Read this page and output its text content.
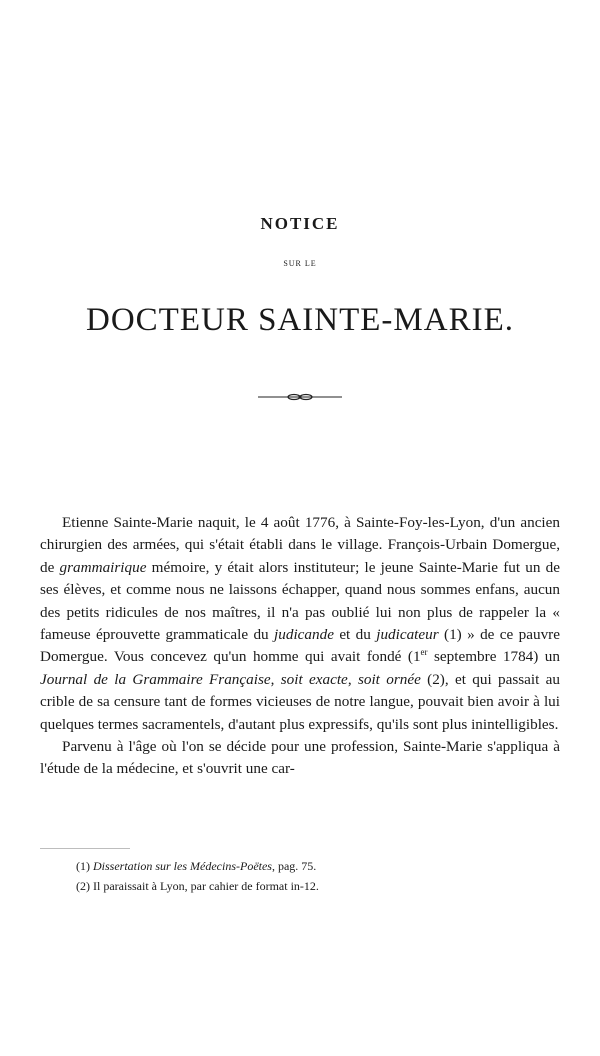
NOTICE
SUR LE
DOCTEUR SAINTE-MARIE.

Etienne Sainte-Marie naquit, le 4 août 1776, à Sainte-Foy-les-Lyon, d'un ancien chirurgien des armées, qui s'était établi dans le village. François-Urbain Domergue, de grammairique mémoire, y était alors instituteur; le jeune Sainte-Marie fut un de ses élèves, et comme nous ne laissons échapper, quand nous sommes enfans, aucun des petits ridicules de nos maîtres, il n'a pas oublié lui non plus de rappeler la « fameuse éprouvette grammaticale du judicande et du judicateur (1) » de ce pauvre Domergue. Vous concevez qu'un homme qui avait fondé (1er septembre 1784) un Journal de la Grammaire Française, soit exacte, soit ornée (2), et qui passait au crible de sa censure tant de formes vicieuses de notre langue, pouvait bien avoir à lui quelques termes sacramentels, d'autant plus expressifs, qu'ils sont plus inintelligibles.

Parvenu à l'âge où l'on se décide pour une profession, Sainte-Marie s'appliqua à l'étude de la médecine, et s'ouvrit une car-

(1) Dissertation sur les Médecins-Poëtes, pag. 75.
(2) Il paraissait à Lyon, par cahier de format in-12.
